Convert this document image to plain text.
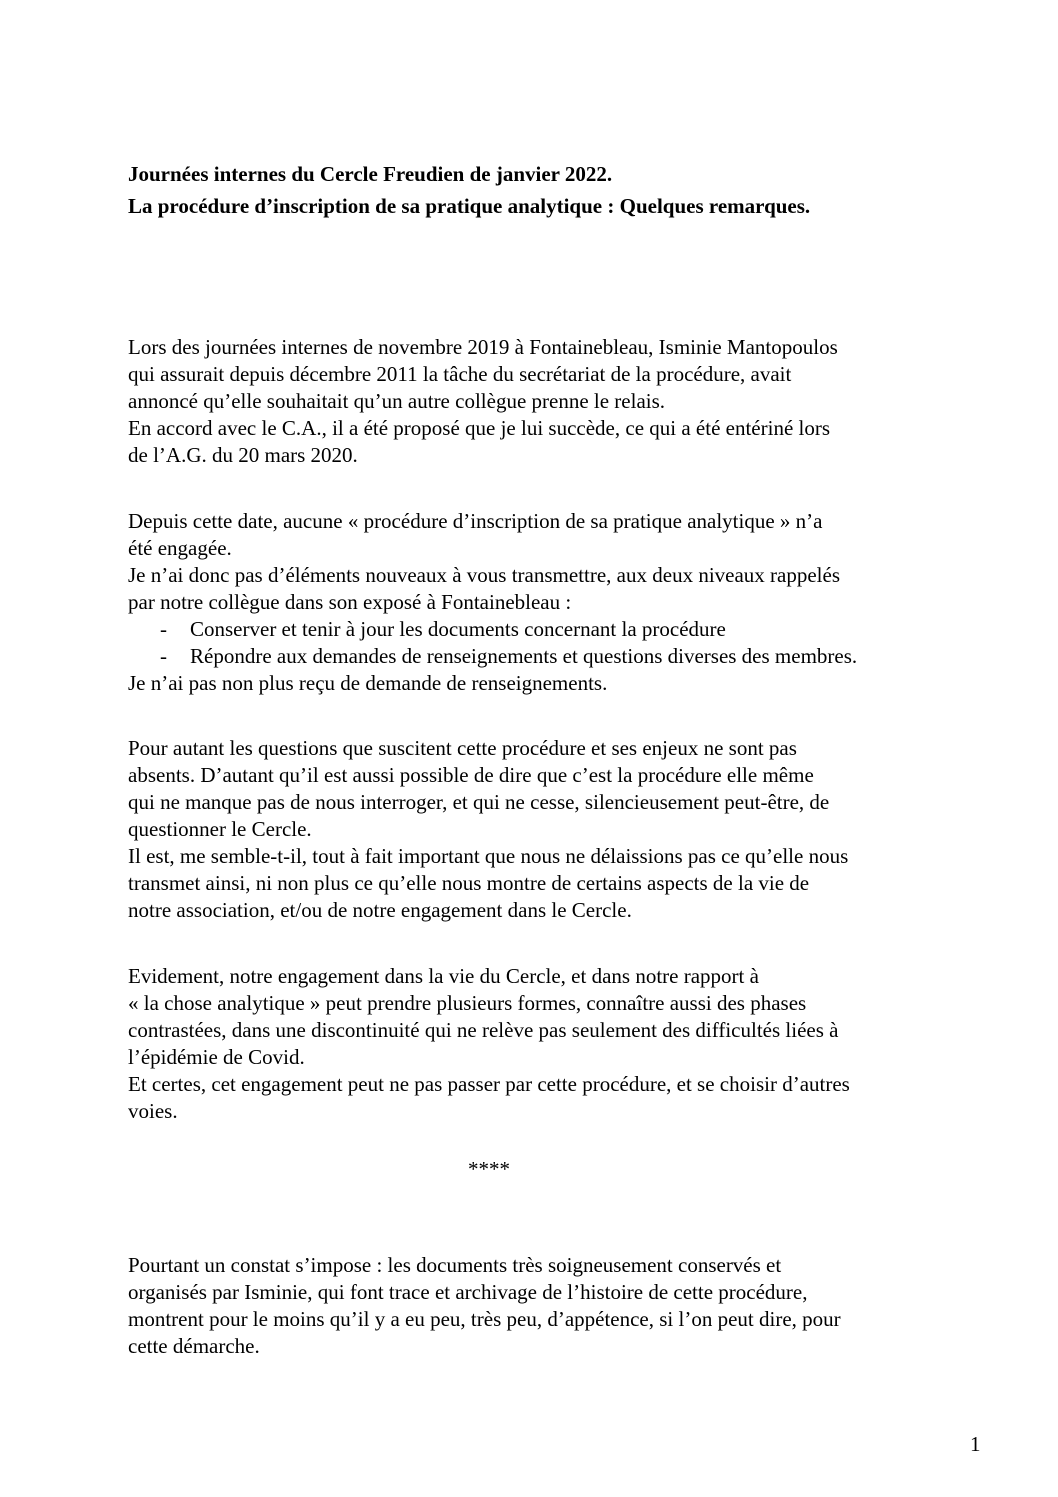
Journées internes du Cercle Freudien de janvier 2022.
La procédure d’inscription de sa pratique analytique : Quelques remarques.
Lors des journées internes de novembre 2019 à Fontainebleau, Isminie Mantopoulos
qui assurait depuis décembre 2011 la tâche du secrétariat de la procédure, avait
annoncé qu’elle souhaitait qu’un autre collègue prenne le relais.
En accord avec le C.A., il a été proposé que je lui succède, ce qui a été entériné lors
de l’A.G. du 20 mars 2020.
Depuis cette date, aucune « procédure d’inscription de sa pratique analytique » n’a
été engagée.
Je n’ai donc pas d’éléments nouveaux à vous transmettre, aux deux niveaux rappelés
par notre collègue dans son exposé à Fontainebleau :
- Conserver et tenir à jour les documents concernant la procédure
- Répondre aux demandes de renseignements et questions diverses des membres.
Je n’ai pas non plus reçu de demande de renseignements.
Pour autant les questions que suscitent cette procédure et ses enjeux ne sont pas
absents. D’autant qu’il est aussi possible de dire que c’est la procédure elle même
qui ne manque pas de nous interroger, et qui ne cesse, silencieusement peut-être, de
questionner le Cercle.
Il est, me semble-t-il, tout à fait important que nous ne délaissions pas ce qu’elle nous
transmet ainsi, ni non plus ce qu’elle nous montre de certains aspects de la vie de
notre association, et/ou de notre engagement dans le Cercle.
Evidement, notre engagement dans la vie du Cercle, et dans notre rapport à
« la chose analytique » peut prendre plusieurs formes, connaître aussi des phases
contrastées, dans une discontinuité qui ne relève pas seulement des difficultés liées à
l’épidémie de Covid.
Et certes, cet engagement peut ne pas passer par cette procédure, et se choisir d’autres
voies.
****
Pourtant un constat s’impose : les documents très soigneusement conservés et
organisés par Isminie, qui font trace et archivage de l’histoire de cette procédure,
montrent pour le moins qu’il y a eu peu, très peu, d’appétence, si l’on peut dire, pour
cette démarche.
1
